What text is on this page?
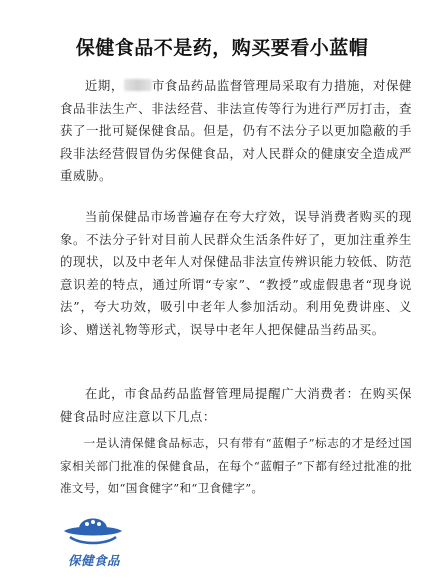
保健食品不是药，购买要看小蓝帽

近期， 市食品药品监督管理局采取有力措施，对保健食品非法生产、非法经营、非法宣传等行为进行严厉打击，查获了一批可疑保健食品。但是，仍有不法分子以更加隐蔽的手段非法经营假冒伪劣保健食品，对人民群众的健康安全造成严重威胁。

当前保健品市场普遍存在夸大疗效，误导消费者购买的现象。不法分子针对目前人民群众生活条件好了，更加注重养生的现状，以及中老年人对保健品非法宣传辨识能力较低、防范意识差的特点，通过所谓“专家”、“教授”或虚假患者“现身说法”，夸大功效，吸引中老年人参加活动。利用免费讲座、义诊、赠送礼物等形式，误导中老年人把保健品当药品买。

在此，市食品药品监督管理局提醒广大消费者：在购买保健食品时应注意以下几点：

一是认清保健食品标志，只有带有“蓝帽子”标志的才是经过国家相关部门批准的保健食品，在每个“蓝帽子”下都有经过批准的批准文号，如“国食健字”和“卫食健字”。

保健食品
